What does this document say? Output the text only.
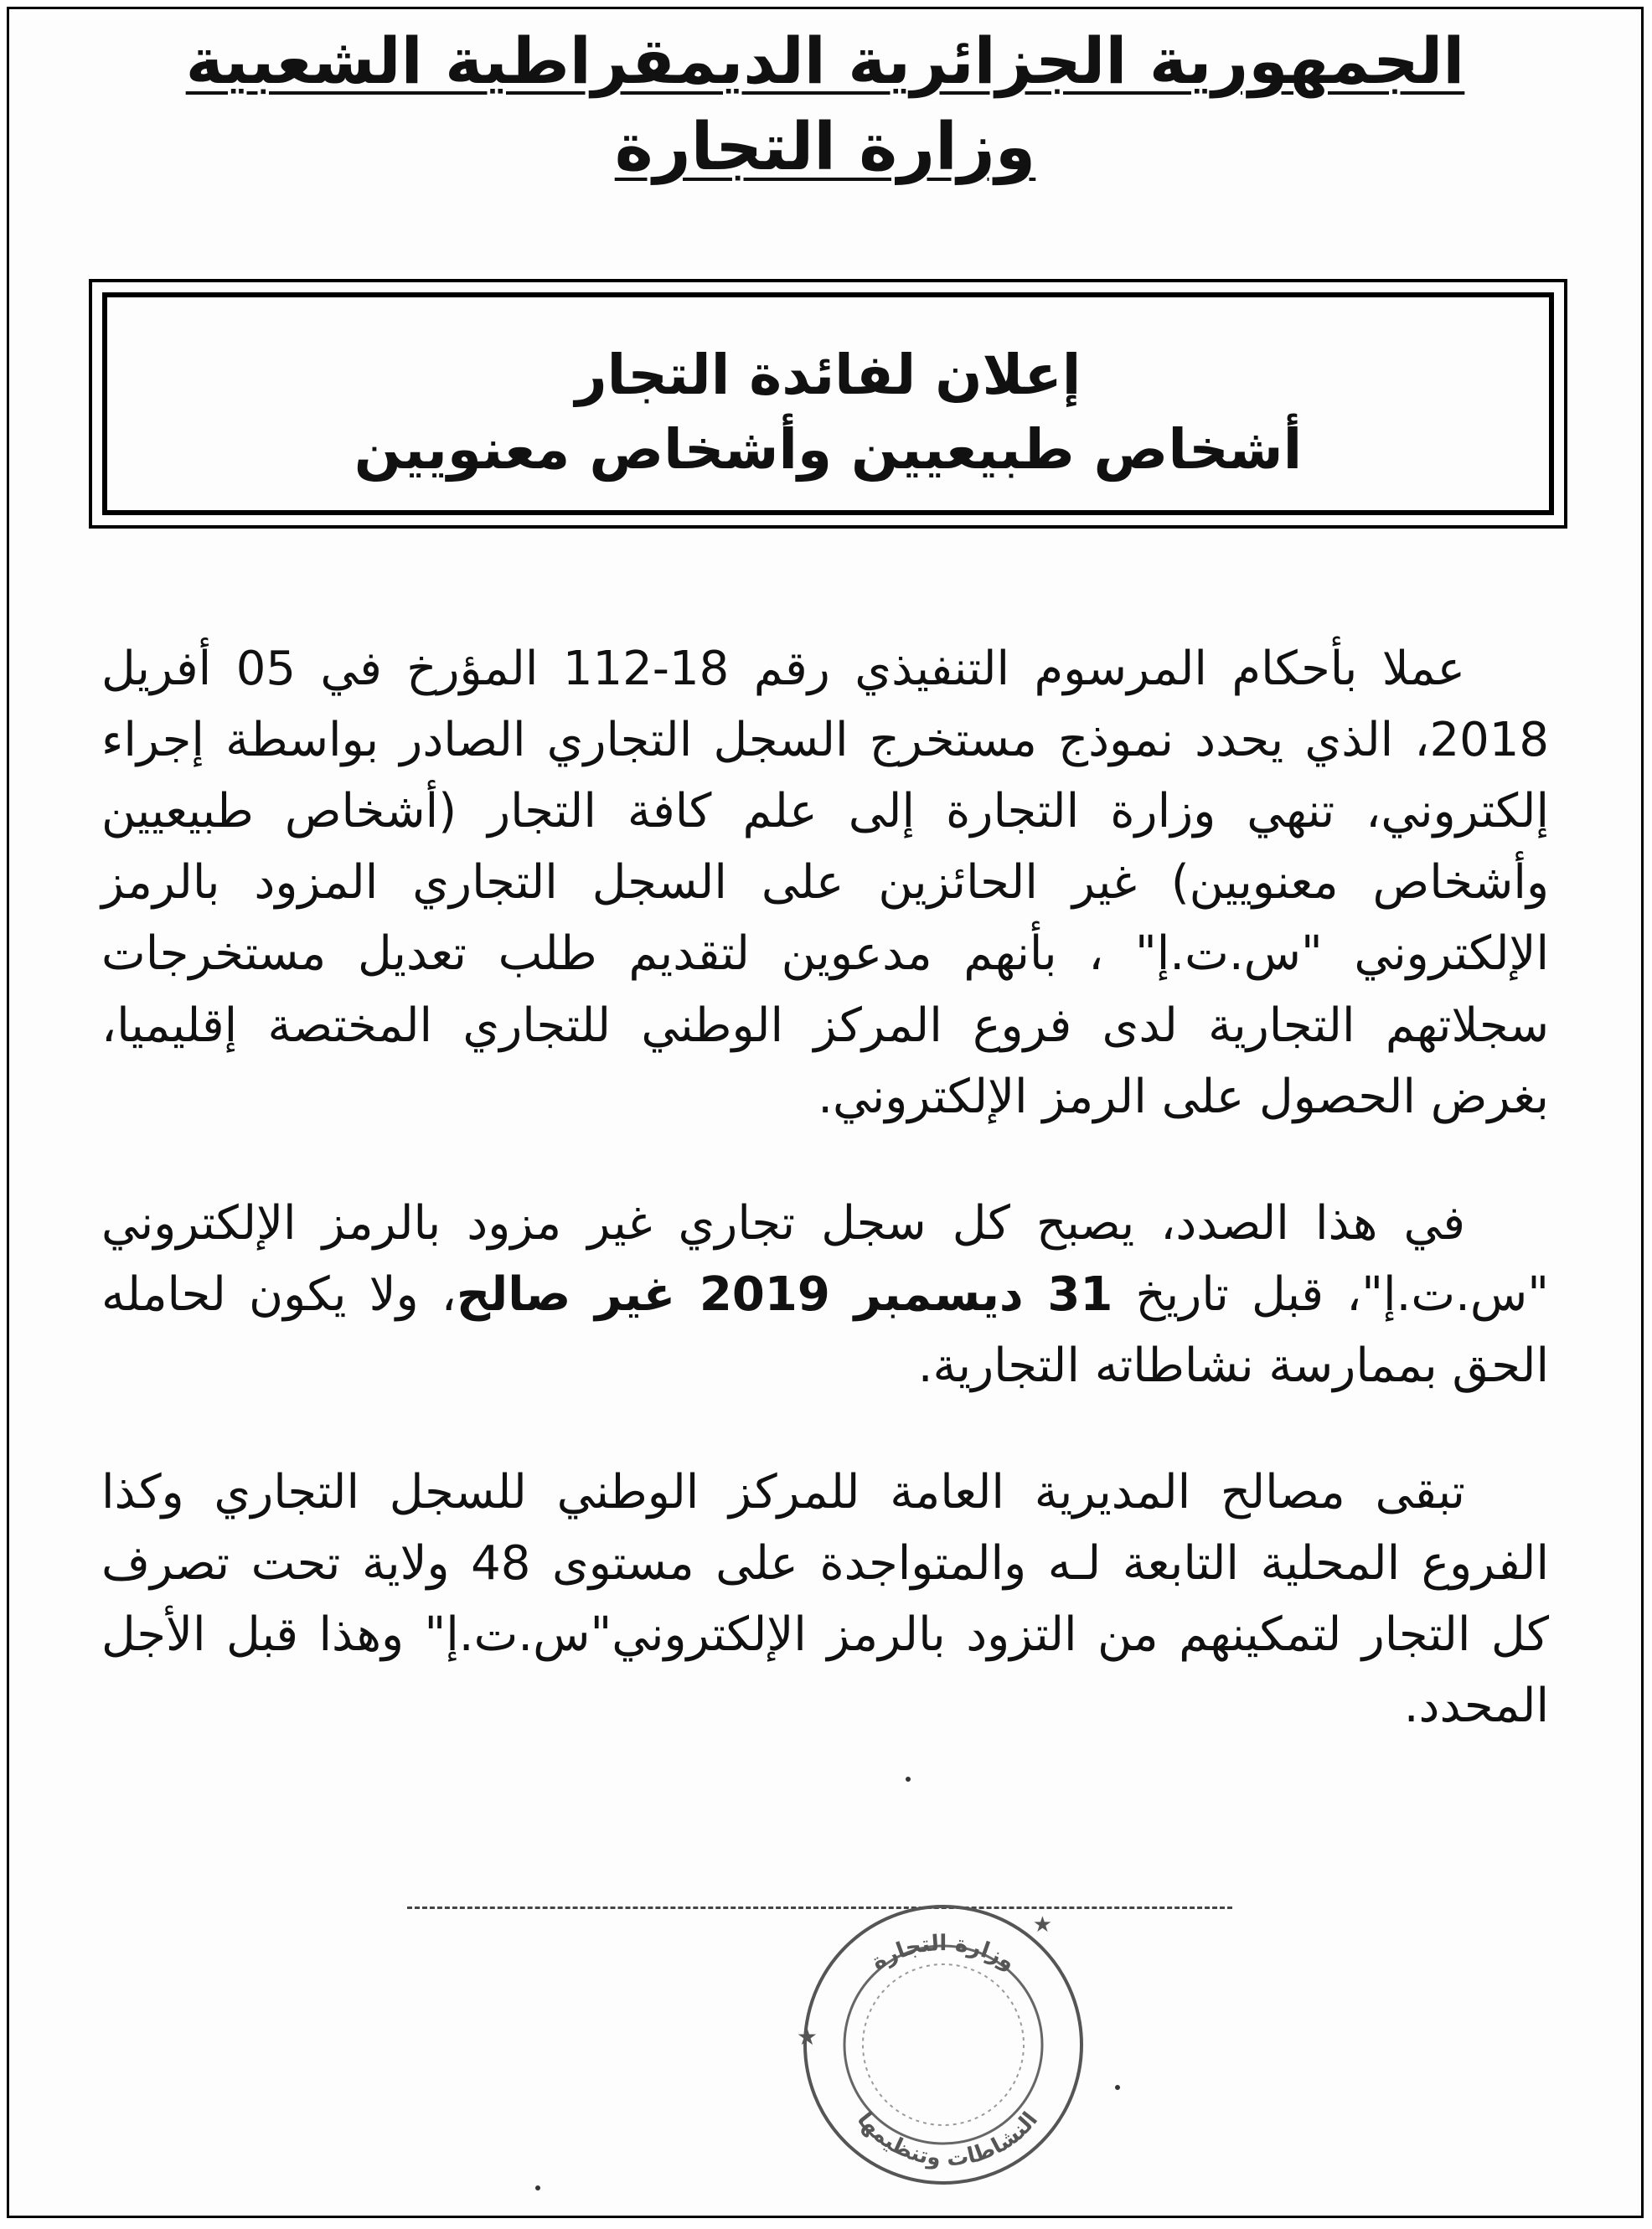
الجمهورية الجزائرية الديمقراطية الشعبية
وزارة التجارة
إعلان لفائدة التجار
أشخاص طبيعيين وأشخاص معنويين

عملا بأحكام المرسوم التنفيذي رقم 18-112 المؤرخ في 05 أفريل 2018، الذي يحدد نموذج مستخرج السجل التجاري الصادر بواسطة إجراء إلكتروني، تنهي وزارة التجارة إلى علم كافة التجار (أشخاص طبيعيين وأشخاص معنويين) غير الحائزين على السجل التجاري المزود بالرمز الإلكتروني "س.ت.إ" ، بأنهم مدعوين لتقديم طلب تعديل مستخرجات سجلاتهم التجارية لدى فروع المركز الوطني للتجاري المختصة إقليميا، بغرض الحصول على الرمز الإلكتروني.

في هذا الصدد، يصبح كل سجل تجاري غير مزود بالرمز الإلكتروني "س.ت.إ"، قبل تاريخ 31 ديسمبر 2019 غير صالح، ولا يكون لحامله الحق بممارسة نشاطاته التجارية.

تبقى مصالح المديرية العامة للمركز الوطني للسجل التجاري وكذا الفروع المحلية التابعة لـه والمتواجدة على مستوى 48 ولاية تحت تصرف كل التجار لتمكينهم من التزود بالرمز الإلكتروني"س.ت.إ" وهذا قبل الأجل المحدد.

وزارة التجارة
النشاطات وتنظيمها
★
★
